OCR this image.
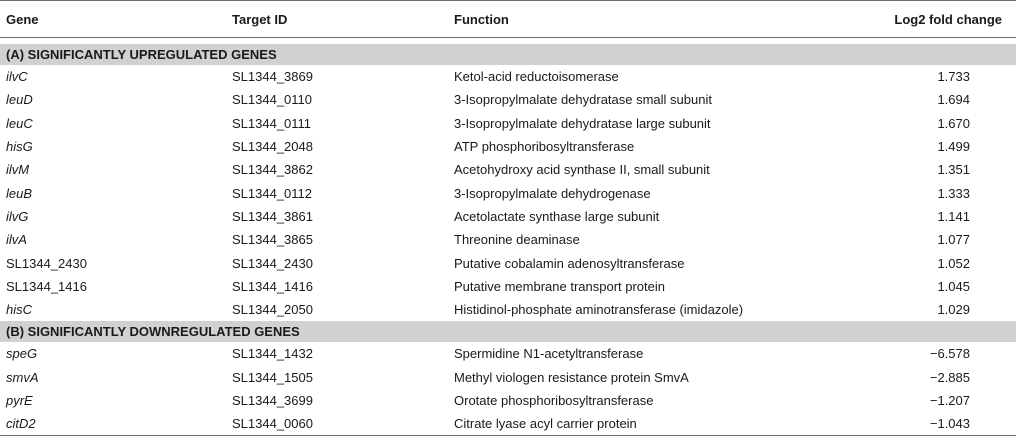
Gene	Target ID	Function	Log2 fold change

(A) SIGNIFICANTLY UPREGULATED GENES			
ilvC	SL1344_3869	Ketol-acid reductoisomerase	1.733
leuD	SL1344_0110	3-Isopropylmalate dehydratase small subunit	1.694
leuC	SL1344_0111	3-Isopropylmalate dehydratase large subunit	1.670
hisG	SL1344_2048	ATP phosphoribosyltransferase	1.499
ilvM	SL1344_3862	Acetohydroxy acid synthase II, small subunit	1.351
leuB	SL1344_0112	3-Isopropylmalate dehydrogenase	1.333
ilvG	SL1344_3861	Acetolactate synthase large subunit	1.141
ilvA	SL1344_3865	Threonine deaminase	1.077
SL1344_2430	SL1344_2430	Putative cobalamin adenosyltransferase	1.052
SL1344_1416	SL1344_1416	Putative membrane transport protein	1.045
hisC	SL1344_2050	Histidinol-phosphate aminotransferase (imidazole)	1.029
(B) SIGNIFICANTLY DOWNREGULATED GENES			
speG	SL1344_1432	Spermidine N1-acetyltransferase	−6.578
smvA	SL1344_1505	Methyl viologen resistance protein SmvA	−2.885
pyrE	SL1344_3699	Orotate phosphoribosyltransferase	−1.207
citD2	SL1344_0060	Citrate lyase acyl carrier protein	−1.043
